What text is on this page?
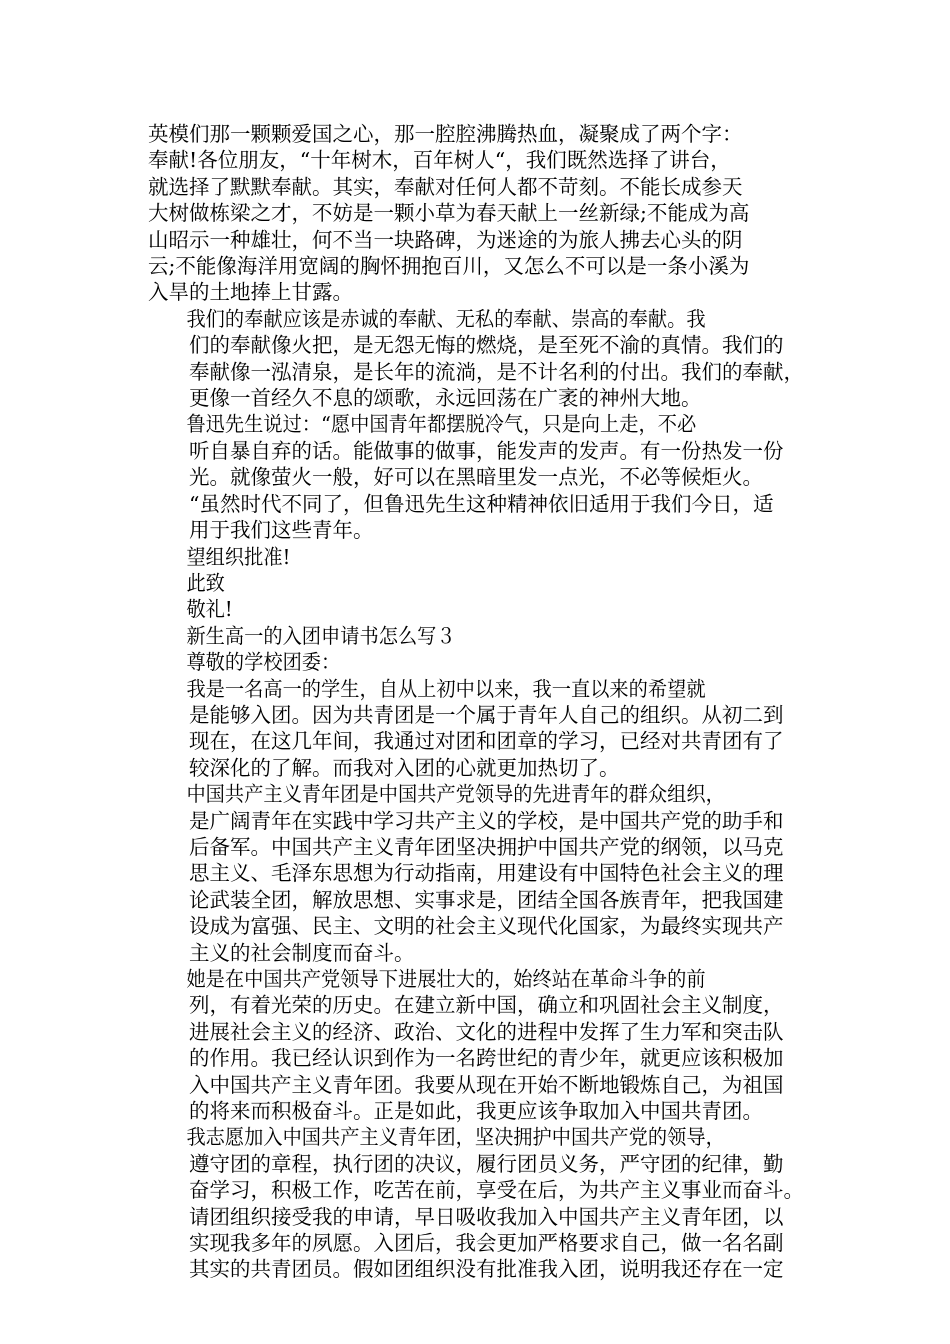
英模们那一颗颗爱国之心，那一腔腔沸腾热血，凝聚成了两个字：
奉献!各位朋友，“十年树木，百年树人“，我们既然选择了讲台，
就选择了默默奉献。其实，奉献对任何人都不苛刻。不能长成参天
大树做栋梁之才，不妨是一颗小草为春天献上一丝新绿;不能成为高
山昭示一种雄壮，何不当一块路碑，为迷途的为旅人拂去心头的阴
云;不能像海洋用宽阔的胸怀拥抱百川，又怎么不可以是一条小溪为
入旱的土地捧上甘露。
我们的奉献应该是赤诚的奉献、无私的奉献、崇高的奉献。我
们的奉献像火把，是无怨无悔的燃烧，是至死不渝的真情。我们的
奉献像一泓清泉，是长年的流淌，是不计名利的付出。我们的奉献，
更像一首经久不息的颂歌，永远回荡在广袤的神州大地。
鲁迅先生说过：“愿中国青年都摆脱冷气，只是向上走，不必
听自暴自弃的话。能做事的做事，能发声的发声。有一份热发一份
光。就像萤火一般，好可以在黑暗里发一点光，不必等候炬火。
“虽然时代不同了，但鲁迅先生这种精神依旧适用于我们今日，适
用于我们这些青年。
望组织批准!
此致
敬礼!
新生高一的入团申请书怎么写３
尊敬的学校团委：
我是一名高一的学生，自从上初中以来，我一直以来的希望就
是能够入团。因为共青团是一个属于青年人自己的组织。从初二到
现在，在这几年间，我通过对团和团章的学习，已经对共青团有了
较深化的了解。而我对入团的心就更加热切了。
中国共产主义青年团是中国共产党领导的先进青年的群众组织，
是广阔青年在实践中学习共产主义的学校，是中国共产党的助手和
后备军。中国共产主义青年团坚决拥护中国共产党的纲领，以马克
思主义、毛泽东思想为行动指南，用建设有中国特色社会主义的理
论武装全团，解放思想、实事求是，团结全国各族青年，把我国建
设成为富强、民主、文明的社会主义现代化国家，为最终实现共产
主义的社会制度而奋斗。
她是在中国共产党领导下进展壮大的，始终站在革命斗争的前
列，有着光荣的历史。在建立新中国，确立和巩固社会主义制度，
进展社会主义的经济、政治、文化的进程中发挥了生力军和突击队
的作用。我已经认识到作为一名跨世纪的青少年，就更应该积极加
入中国共产主义青年团。我要从现在开始不断地锻炼自己，为祖国
的将来而积极奋斗。正是如此，我更应该争取加入中国共青团。
我志愿加入中国共产主义青年团，坚决拥护中国共产党的领导，
遵守团的章程，执行团的决议，履行团员义务，严守团的纪律，勤
奋学习，积极工作，吃苦在前，享受在后，为共产主义事业而奋斗。
请团组织接受我的申请，早日吸收我加入中国共产主义青年团，以
实现我多年的夙愿。入团后，我会更加严格要求自己，做一名名副
其实的共青团员。假如团组织没有批准我入团，说明我还存在一定
